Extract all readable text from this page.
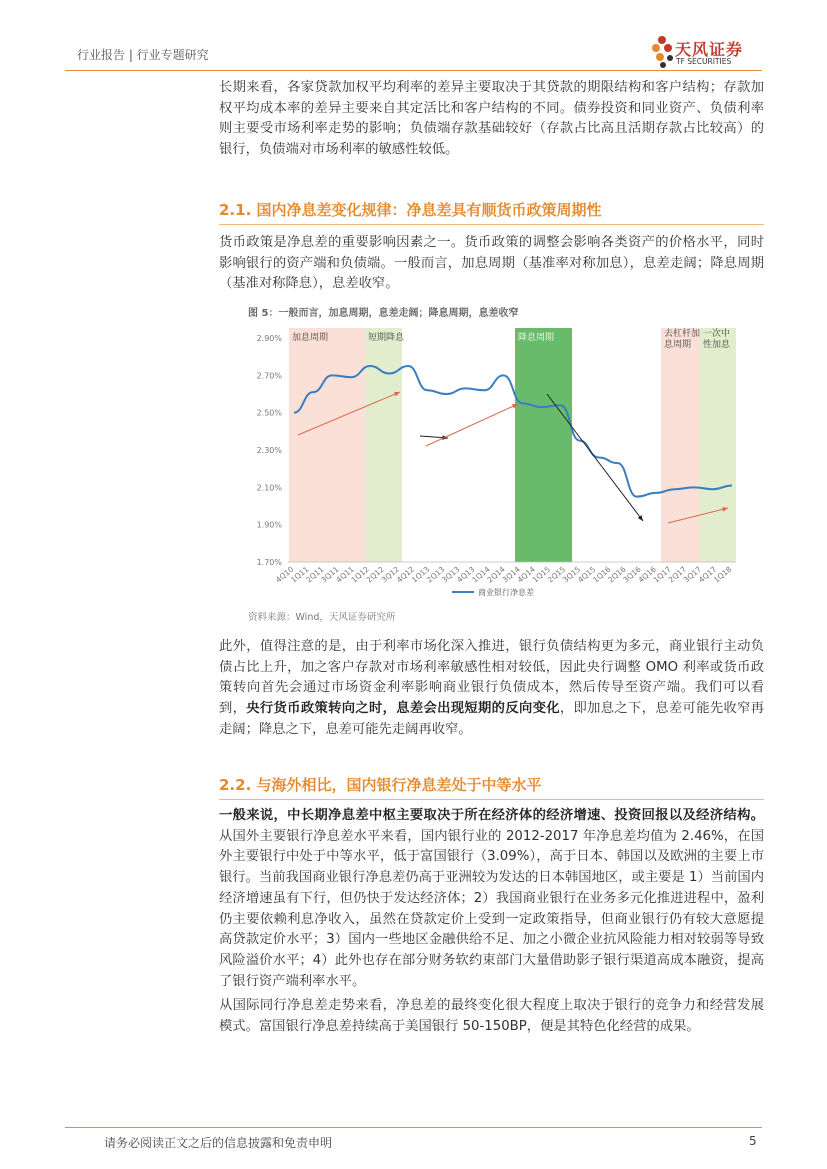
行业报告 | 行业专题研究	天风证券
TF SECURITIES
长期来看，各家贷款加权平均利率的差异主要取决于其贷款的期限结构和客户结构；存款加权平均成本率的差异主要来自其定活比和客户结构的不同。债券投资和同业资产、负债利率则主要受市场利率走势的影响；负债端存款基础较好（存款占比高且活期存款占比较高）的银行，负债端对市场利率的敏感性较低。
2.1. 国内净息差变化规律：净息差具有顺货币政策周期性
货币政策是净息差的重要影响因素之一。货币政策的调整会影响各类资产的价格水平，同时影响银行的资产端和负债端。一般而言，加息周期（基准率对称加息），息差走阔；降息周期（基准对称降息），息差收窄。
图 5：一般而言，加息周期，息差走阔；降息周期，息差收窄
加息周期	短期降息	降息周期	去杠杆加
息周期
一次中
性加息
1.70%
1.90%
2.10%
2.30%
2.50%
2.70%
2.90%
4Q10
1Q11
2Q11
3Q11
4Q11
1Q12
2Q12
3Q12
4Q12
1Q13
2Q13
3Q13
4Q13
1Q14
2Q14
3Q14
4Q14
1Q15
2Q15
3Q15
4Q15
1Q16
2Q16
3Q16
4Q16
1Q17
2Q17
3Q17
4Q17
1Q18
商业银行净息差
资料来源：Wind，天风证券研究所
此外，值得注意的是，由于利率市场化深入推进，银行负债结构更为多元，商业银行主动负债占比上升，加之客户存款对市场利率敏感性相对较低，因此央行调整 OMO 利率或货币政策转向首先会通过市场资金利率影响商业银行负债成本，然后传导至资产端。我们可以看到，央行货币政策转向之时，息差会出现短期的反向变化，即加息之下，息差可能先收窄再走阔；降息之下，息差可能先走阔再收窄。
2.2. 与海外相比，国内银行净息差处于中等水平
一般来说，中长期净息差中枢主要取决于所在经济体的经济增速、投资回报以及经济结构。从国外主要银行净息差水平来看，国内银行业的 2012-2017 年净息差均值为 2.46%，在国外主要银行中处于中等水平，低于富国银行（3.09%），高于日本、韩国以及欧洲的主要上市银行。当前我国商业银行净息差仍高于亚洲较为发达的日本韩国地区，或主要是 1）当前国内经济增速虽有下行，但仍快于发达经济体；2）我国商业银行在业务多元化推进进程中，盈利仍主要依赖利息净收入，虽然在贷款定价上受到一定政策指导，但商业银行仍有较大意愿提高贷款定价水平；3）国内一些地区金融供给不足、加之小微企业抗风险能力相对较弱等导致风险溢价水平；4）此外也存在部分财务软约束部门大量借助影子银行渠道高成本融资，提高了银行资产端利率水平。
从国际同行净息差走势来看，净息差的最终变化很大程度上取决于银行的竞争力和经营发展模式。富国银行净息差持续高于美国银行 50-150BP，便是其特色化经营的成果。
请务必阅读正文之后的信息披露和免责申明	5
